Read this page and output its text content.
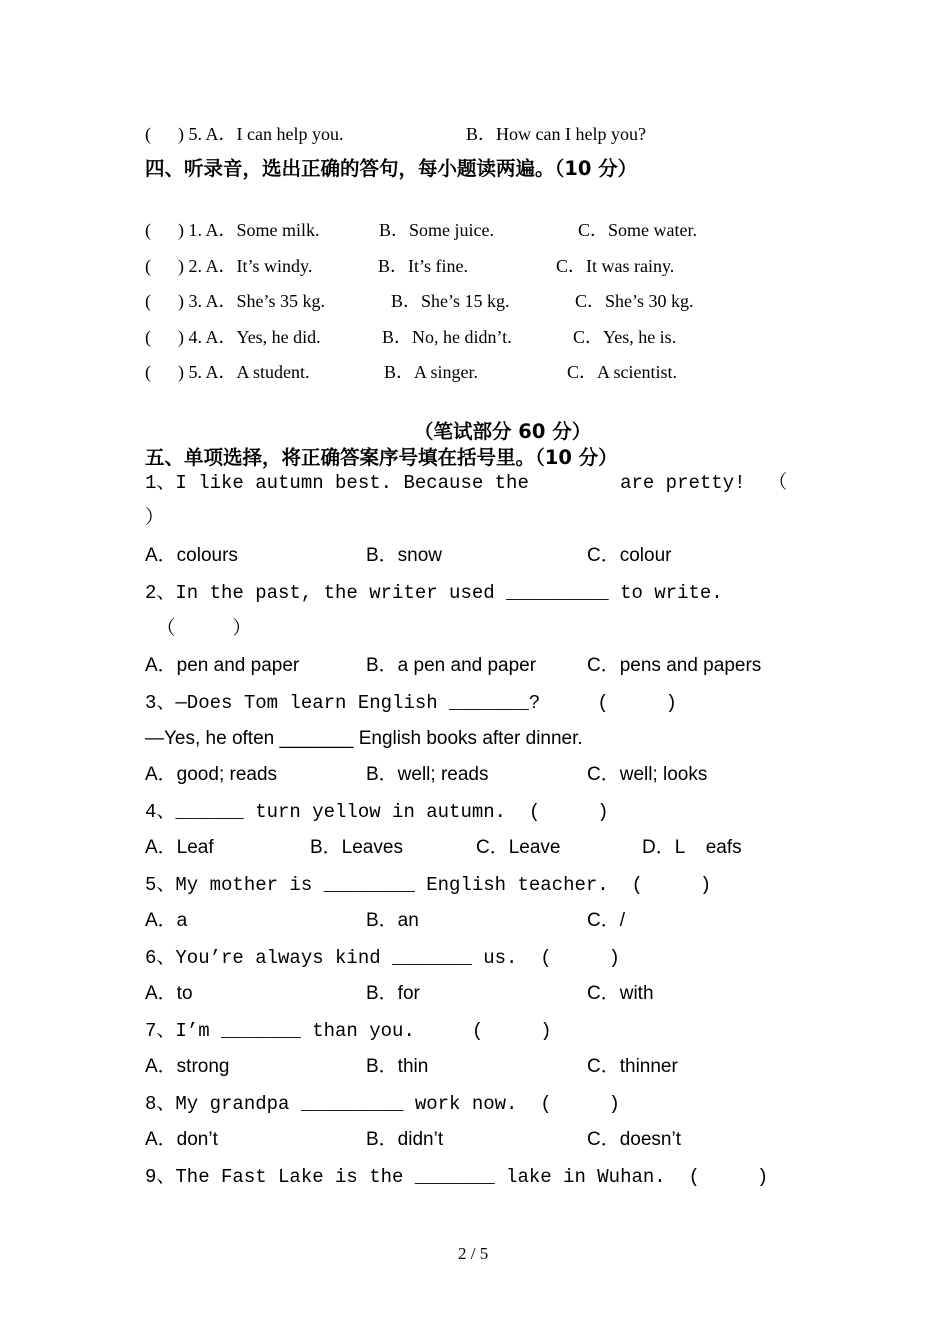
(　  ) 5. A．I can help you.	B．How can I help you?
四、听录音，选出正确的答句，每小题读两遍。（10 分）
(　  ) 1. A．Some milk.	B．Some juice.	C．Some water.
(　  ) 2. A．It’s windy.	B．It’s fine.	C．It was rainy.
(　  ) 3. A．She’s 35 kg.	B．She’s 15 kg.	C．She’s 30 kg.
(　  ) 4. A．Yes, he did.	B．No, he didn’t.	C．Yes, he is.
(　  ) 5. A．A student.	B．A singer.	C．A scientist.
（笔试部分 60 分）
五、单项选择，将正确答案序号填在括号里。（10 分）
1、I like autumn best. Because the        are pretty!  （
）
A．colours	B．snow	C．colour
2、In the past, the writer used _________ to write.
（     ）
A．pen and paper	B．a pen and paper	C．pens and papers
3、—Does Tom learn English _______?     (     )
—Yes, he often _______ English books after dinner.
A．good; reads	B．well; reads	C．well; looks
4、______ turn yellow in autumn.  (     )
A．Leaf	B．Leaves	C．Leave	D．L    eafs
5、My mother is ________ English teacher.  (     )
A．a	B．an	C．/
6、You’re always kind _______ us.  (     )
A．to	B．for	C．with
7、I’m _______ than you.     (     )
A．strong	B．thin	C．thinner
8、My grandpa _________ work now.  (     )
A．don’t	B．didn’t	C．doesn’t
9、The Fast Lake is the _______ lake in Wuhan.  (     )
2 / 5
